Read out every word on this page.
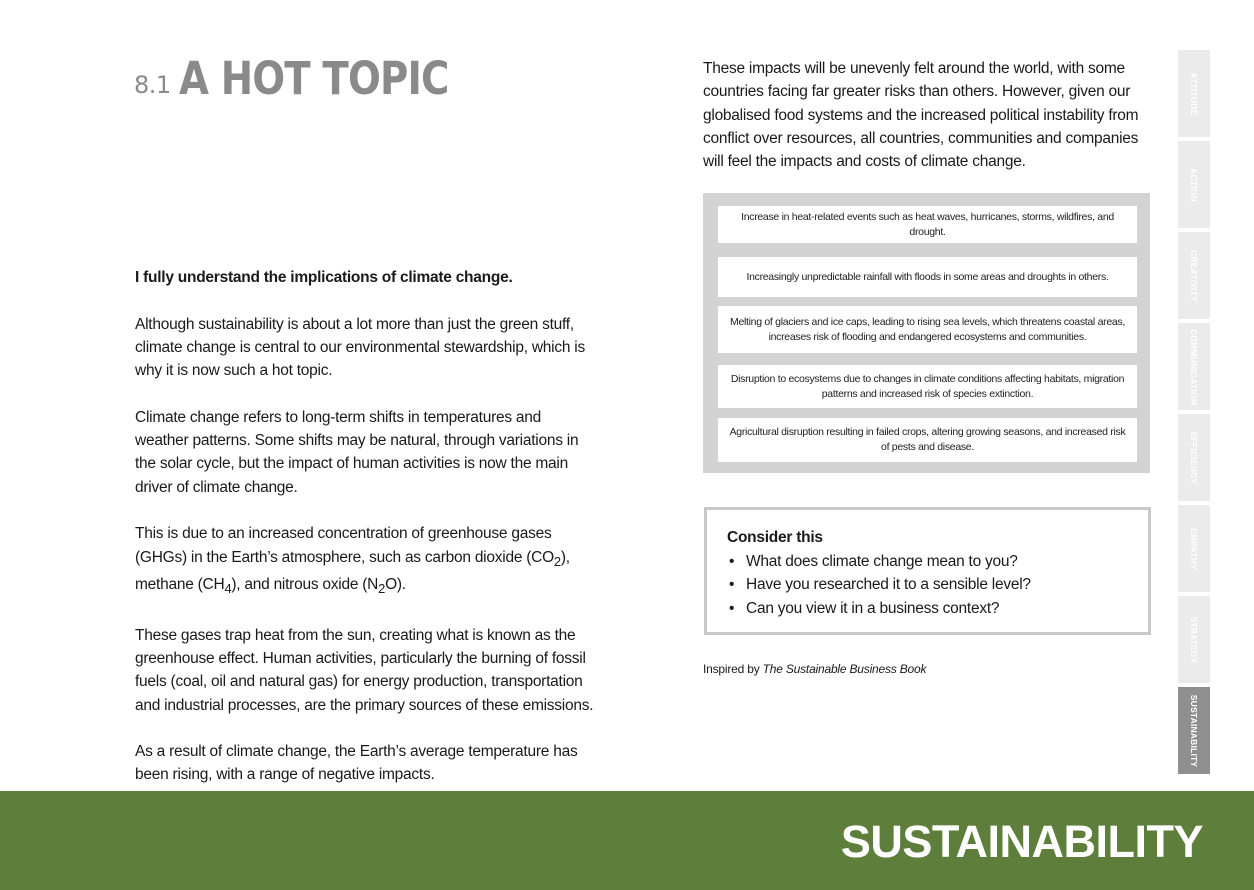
8.1 A HOT TOPIC

I fully understand the implications of climate change.

Although sustainability is about a lot more than just the green stuff, climate change is central to our environmental stewardship, which is why it is now such a hot topic.

Climate change refers to long-term shifts in temperatures and weather patterns. Some shifts may be natural, through variations in the solar cycle, but the impact of human activities is now the main driver of climate change.

This is due to an increased concentration of greenhouse gases (GHGs) in the Earth’s atmosphere, such as carbon dioxide $(CO_2)$, methane $(CH_4)$, and nitrous oxide $(N_2O)$.

These gases trap heat from the sun, creating what is known as the greenhouse effect. Human activities, particularly the burning of fossil fuels (coal, oil and natural gas) for energy production, transportation and industrial processes, are the primary sources of these emissions.

As a result of climate change, the Earth’s average temperature has been rising, with a range of negative impacts.

These impacts will be unevenly felt around the world, with some countries facing far greater risks than others. However, given our globalised food systems and the increased political instability from conflict over resources, all countries, communities and companies will feel the impacts and costs of climate change.

Increase in heat-related events such as heat waves, hurricanes, storms, wildfires, and drought.
Increasingly unpredictable rainfall with floods in some areas and droughts in others.
Melting of glaciers and ice caps, leading to rising sea levels, which threatens coastal areas, increases risk of flooding and endangered ecosystems and communities.
Disruption to ecosystems due to changes in climate conditions affecting habitats, migration patterns and increased risk of species extinction.
Agricultural disruption resulting in failed crops, altering growing seasons, and increased risk of pests and disease.
Consider this
• What does climate change mean to you?
• Have you researched it to a sensible level?
• Can you view it in a business context?
Inspired by The Sustainable Business Book
ATTITUDE
ACTION
CREATIVITY
COMMUNICATION
EFFICIENCY
EMPATHY
STRATEGY
SUSTAINABILITY
SUSTAINABILITY
